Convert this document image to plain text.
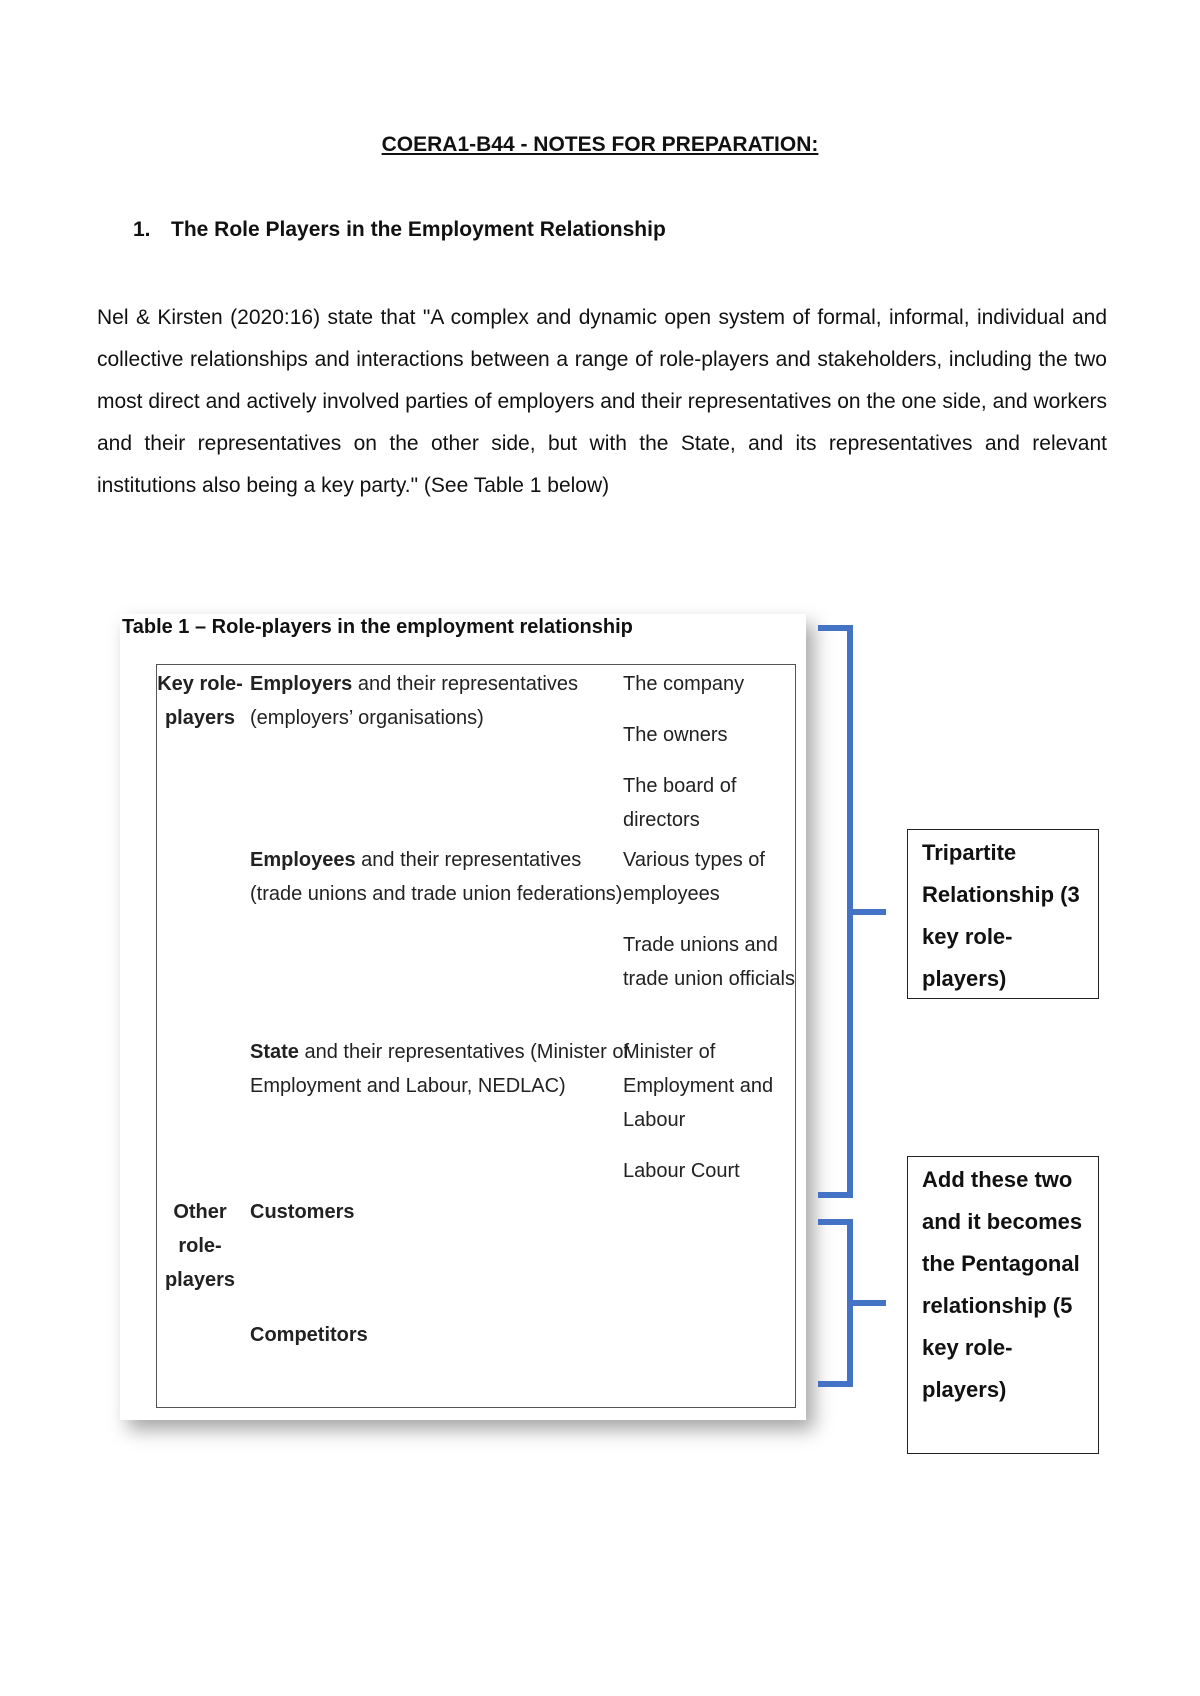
COERA1-B44 - NOTES FOR PREPARATION:
1. The Role Players in the Employment Relationship
Nel & Kirsten (2020:16) state that "A complex and dynamic open system of formal, informal, individual and collective relationships and interactions between a range of role-players and stakeholders, including the two most direct and actively involved parties of employers and their representatives on the one side, and workers and their representatives on the other side, but with the State, and its representatives and relevant institutions also being a key party." (See Table 1 below)
Table 1 – Role-players in the employment relationship
Key role-players
Employers and their representatives (employers’ organisations)
The company
The owners
The board of directors
Employees and their representatives (trade unions and trade union federations)
Various types of employees
Trade unions and trade union officials
State and their representatives (Minister of Employment and Labour, NEDLAC)
Minister of Employment and Labour
Labour Court
Other role-players
Customers
Competitors
Tripartite Relationship (3 key role-players)
Add these two and it becomes the Pentagonal relationship (5 key role-players)
